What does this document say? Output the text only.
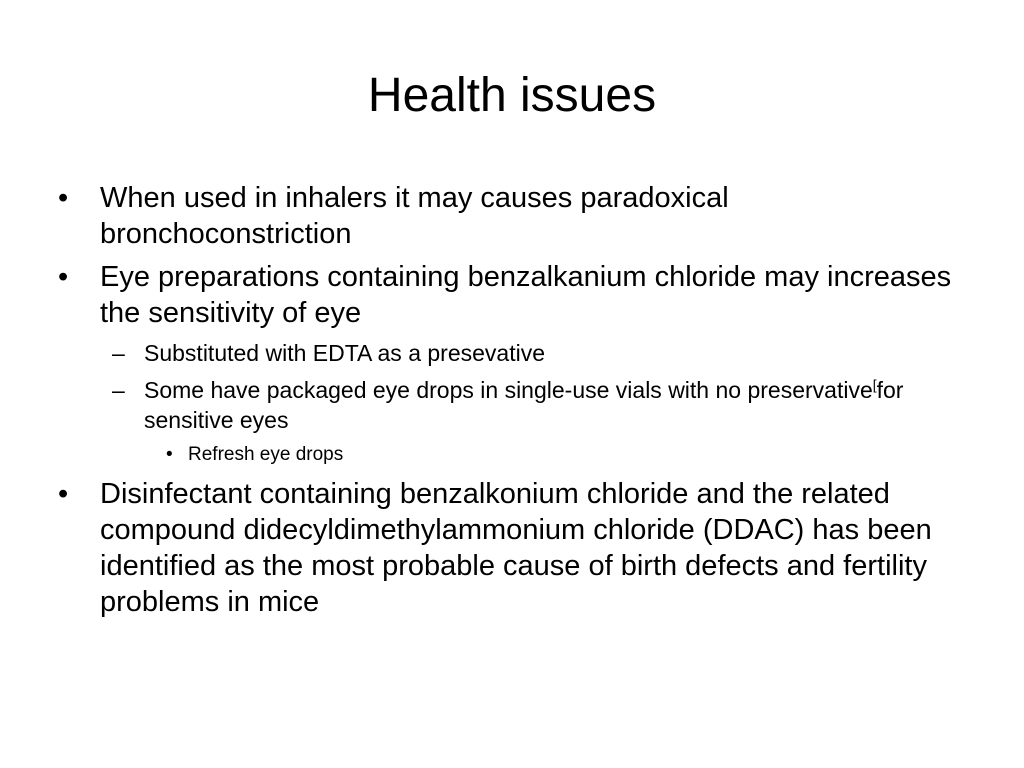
Health issues
•	When used in inhalers it may causes paradoxical bronchoconstriction
•	Eye preparations containing benzalkanium chloride may increases the sensitivity of eye
– Substituted with EDTA as a presevative
– Some have packaged eye drops in single-use vials with no preservative[for sensitive eyes
• Refresh eye drops
•	Disinfectant containing benzalkonium chloride and the related compound didecyldimethylammonium chloride (DDAC) has been identified as the most probable cause of birth defects and fertility problems in mice
